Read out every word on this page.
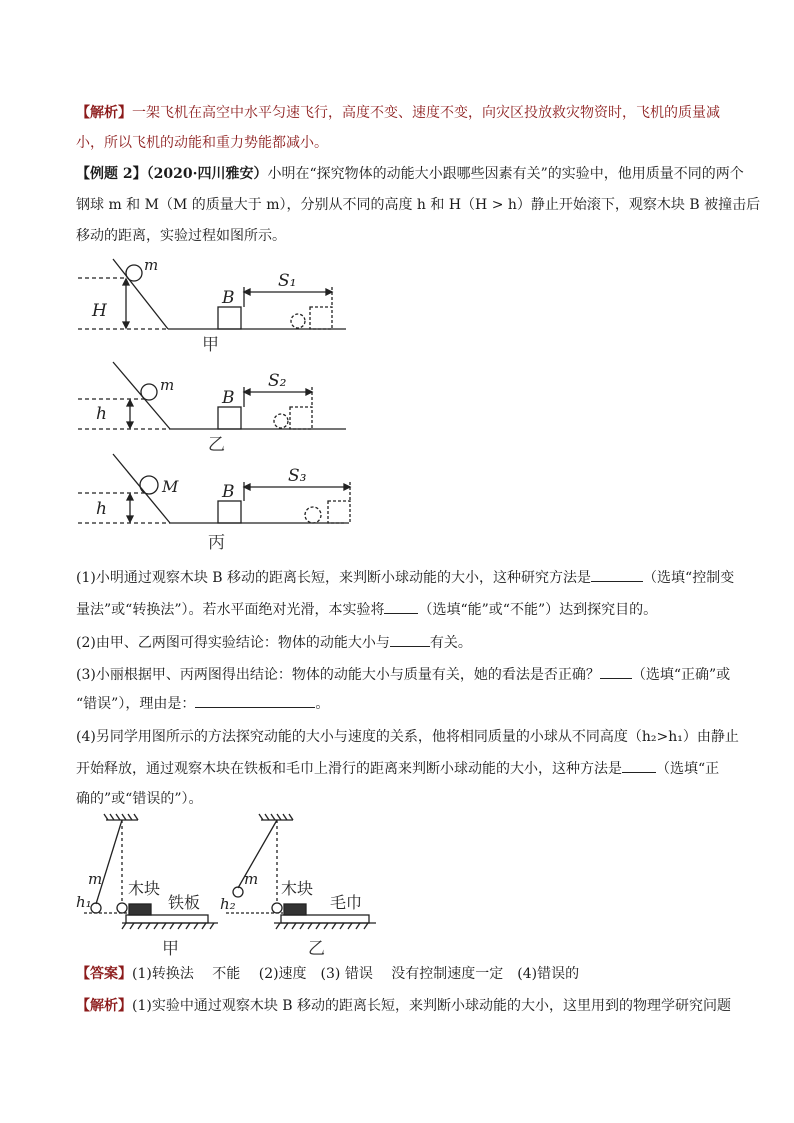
【解析】一架飞机在高空中水平匀速飞行，高度不变、速度不变，向灾区投放救灾物资时，飞机的质量减
小，所以飞机的动能和重力势能都减小。
【例题 2】（2020·四川雅安）小明在“探究物体的动能大小跟哪些因素有关”的实验中，他用质量不同的两个
钢球 m 和 M（M 的质量大于 m），分别从不同的高度 h 和 H（H > h）静止开始滚下，观察木块 B 被撞击后
移动的距离，实验过程如图所示。
H
m
B
S₁
h
m
B
S₂
h
M	B
S₃
甲
乙
丙
(1)小明通过观察木块 B 移动的距离长短，来判断小球动能的大小，这种研究方法是	（选填“控制变
量法”或“转换法”）。若水平面绝对光滑，本实验将 （选填“能”或“不能”）达到探究目的。
(2)由甲、乙两图可得实验结论：物体的动能大小与	有关。
(3)小丽根据甲、丙两图得出结论：物体的动能大小与质量有关，她的看法是否正确？ （选填“正确”或
“错误”），理由是：	。
(4)另同学用图所示的方法探究动能的大小与速度的关系，他将相同质量的小球从不同高度（h₂>h₁）由静止
开始释放，通过观察木块在铁板和毛巾上滑行的距离来判断小球动能的大小，这种方法是 （选填“正
确的”或“错误的”）。
m
h₁
木块
铁板
m
h₂
木块
毛巾
甲	乙
【答案】(1)转换法　 不能　 (2)速度　(3) 错误　 没有控制速度一定　(4)错误的
【解析】(1)实验中通过观察木块 B 移动的距离长短，来判断小球动能的大小，这里用到的物理学研究问题
